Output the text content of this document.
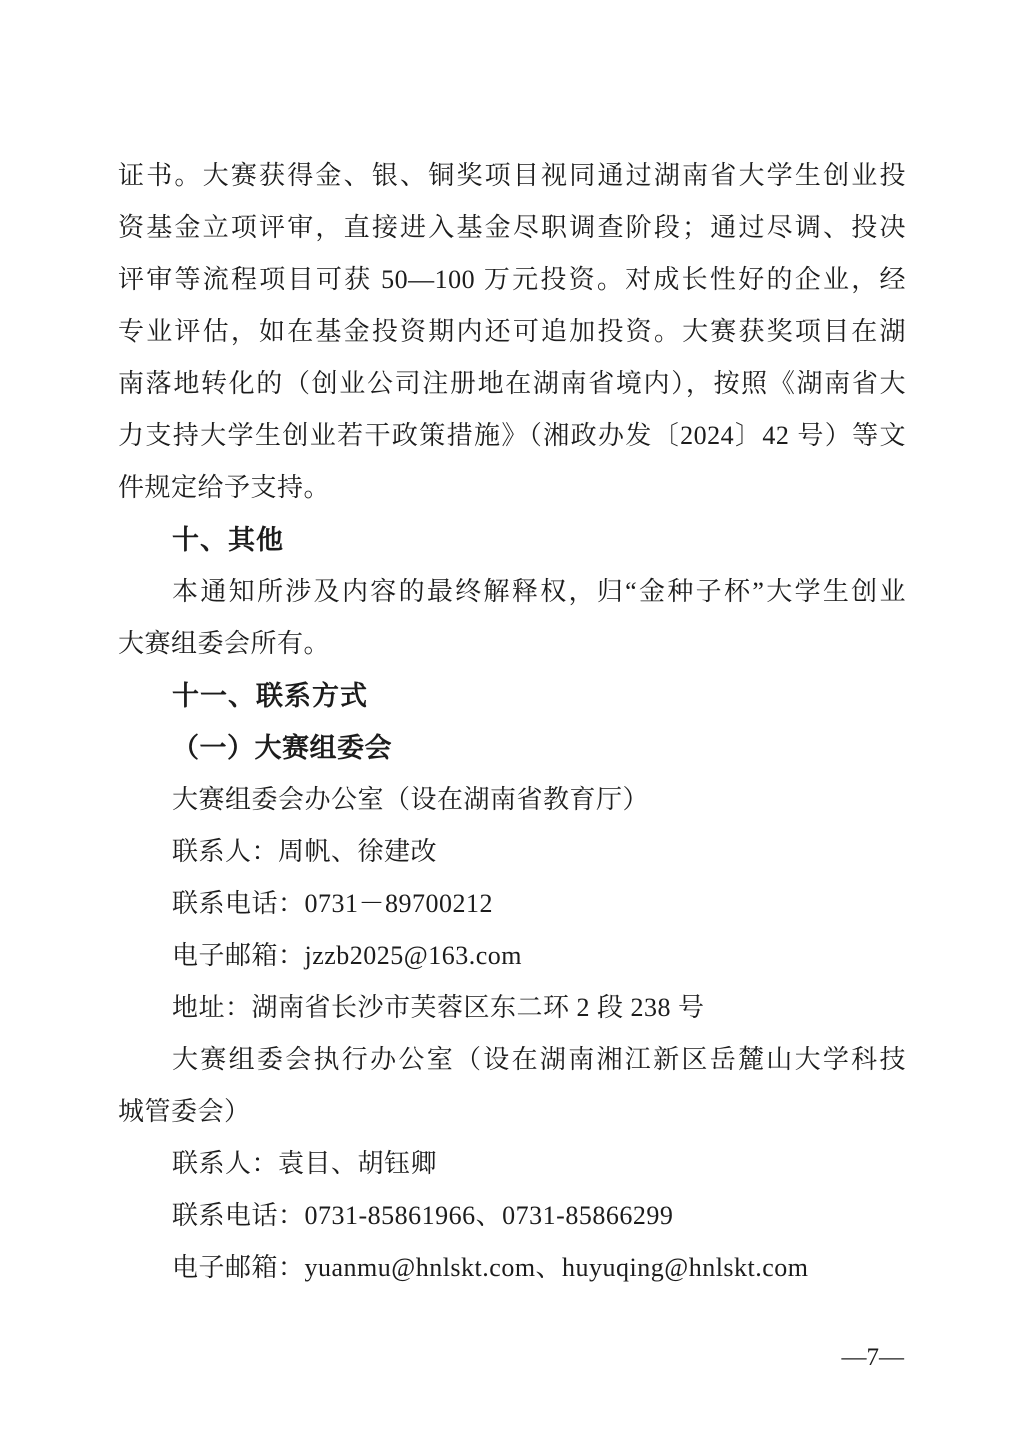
证书。大赛获得金、银、铜奖项目视同通过湖南省大学生创业投
资基金立项评审，直接进入基金尽职调查阶段；通过尽调、投决
评审等流程项目可获 50—100 万元投资。对成长性好的企业，经
专业评估，如在基金投资期内还可追加投资。大赛获奖项目在湖
南落地转化的（创业公司注册地在湖南省境内），按照《湖南省大
力支持大学生创业若干政策措施》（湘政办发〔2024〕42 号）等文
件规定给予支持。
十、其他
本通知所涉及内容的最终解释权，归“金种子杯”大学生创业
大赛组委会所有。
十一、联系方式
（一）大赛组委会
大赛组委会办公室（设在湖南省教育厅）
联系人：周帆、徐建改
联系电话：0731－89700212
电子邮箱：jzzb2025@163.com
地址：湖南省长沙市芙蓉区东二环 2 段 238 号
大赛组委会执行办公室（设在湖南湘江新区岳麓山大学科技
城管委会）
联系人：袁目、胡钰卿
联系电话：0731-85861966、0731-85866299
电子邮箱：yuanmu@hnlskt.com、huyuqing@hnlskt.com
—7—
